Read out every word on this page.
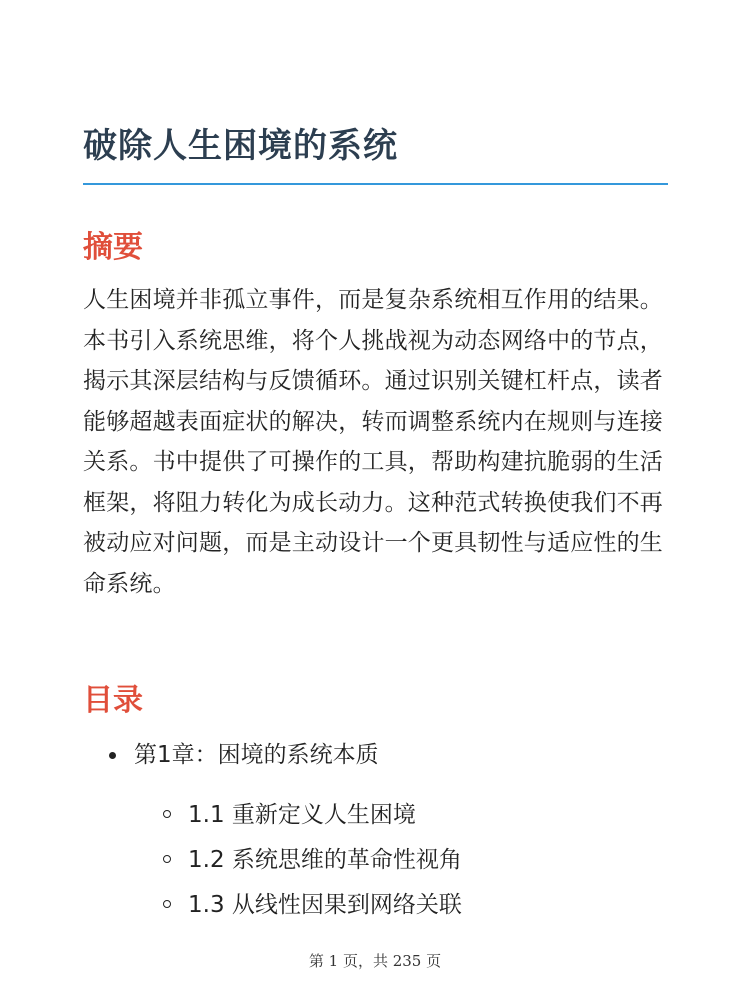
破除人生困境的系统
摘要

人生困境并非孤立事件，而是复杂系统相互作用的结果。本书引入系统思维，将个人挑战视为动态网络中的节点，揭示其深层结构与反馈循环。通过识别关键杠杆点，读者能够超越表面症状的解决，转而调整系统内在规则与连接关系。书中提供了可操作的工具，帮助构建抗脆弱的生活框架，将阻力转化为成长动力。这种范式转换使我们不再被动应对问题，而是主动设计一个更具韧性与适应性的生命系统。

目录
第1章：困境的系统本质
1.1 重新定义人生困境
1.2 系统思维的革命性视角
1.3 从线性因果到网络关联
第 1 页，共 235 页
